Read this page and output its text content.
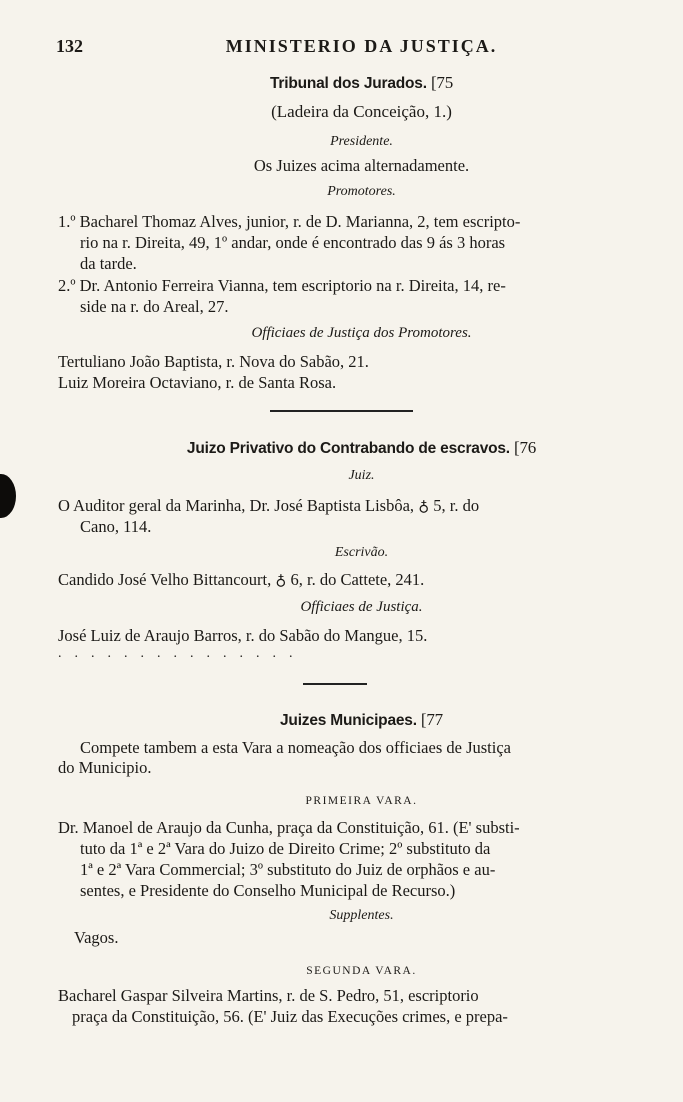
132	MINISTERIO DA JUSTIÇA.
Tribunal dos Jurados. [75
(Ladeira da Conceição, 1.)
Presidente.
Os Juizes acima alternadamente.
Promotores.
1.º Bacharel Thomaz Alves, junior, r. de D. Marianna, 2, tem escripto-
rio na r. Direita, 49, 1º andar, onde é encontrado das 9 ás 3 horas
da tarde.
2.º Dr. Antonio Ferreira Vianna, tem escriptorio na r. Direita, 14, re-
side na r. do Areal, 27.
Officiaes de Justiça dos Promotores.
Tertuliano João Baptista, r. Nova do Sabão, 21.
Luiz Moreira Octaviano, r. de Santa Rosa.
Juizo Privativo do Contrabando de escravos. [76
Juiz.
O Auditor geral da Marinha, Dr. José Baptista Lisbôa, ♁ 5, r. do
Cano, 114.
Escrivão.
Candido José Velho Bittancourt, ♁ 6, r. do Cattete, 241.
Officiaes de Justiça.
José Luiz de Araujo Barros, r. do Sabão do Mangue, 15.
...............
Juizes Municipaes. [77
Compete tambem a esta Vara a nomeação dos officiaes de Justiça
do Municipio.
PRIMEIRA VARA.
Dr. Manoel de Araujo da Cunha, praça da Constituição, 61. (E' substi-
tuto da 1ª e 2ª Vara do Juizo de Direito Crime; 2º substituto da
1ª e 2ª Vara Commercial; 3º substituto do Juiz de orphãos e au-
sentes, e Presidente do Conselho Municipal de Recurso.)
Supplentes.
Vagos.
SEGUNDA VARA.
Bacharel Gaspar Silveira Martins, r. de S. Pedro, 51, escriptorio
praça da Constituição, 56. (E' Juiz das Execuções crimes, e prepa-
